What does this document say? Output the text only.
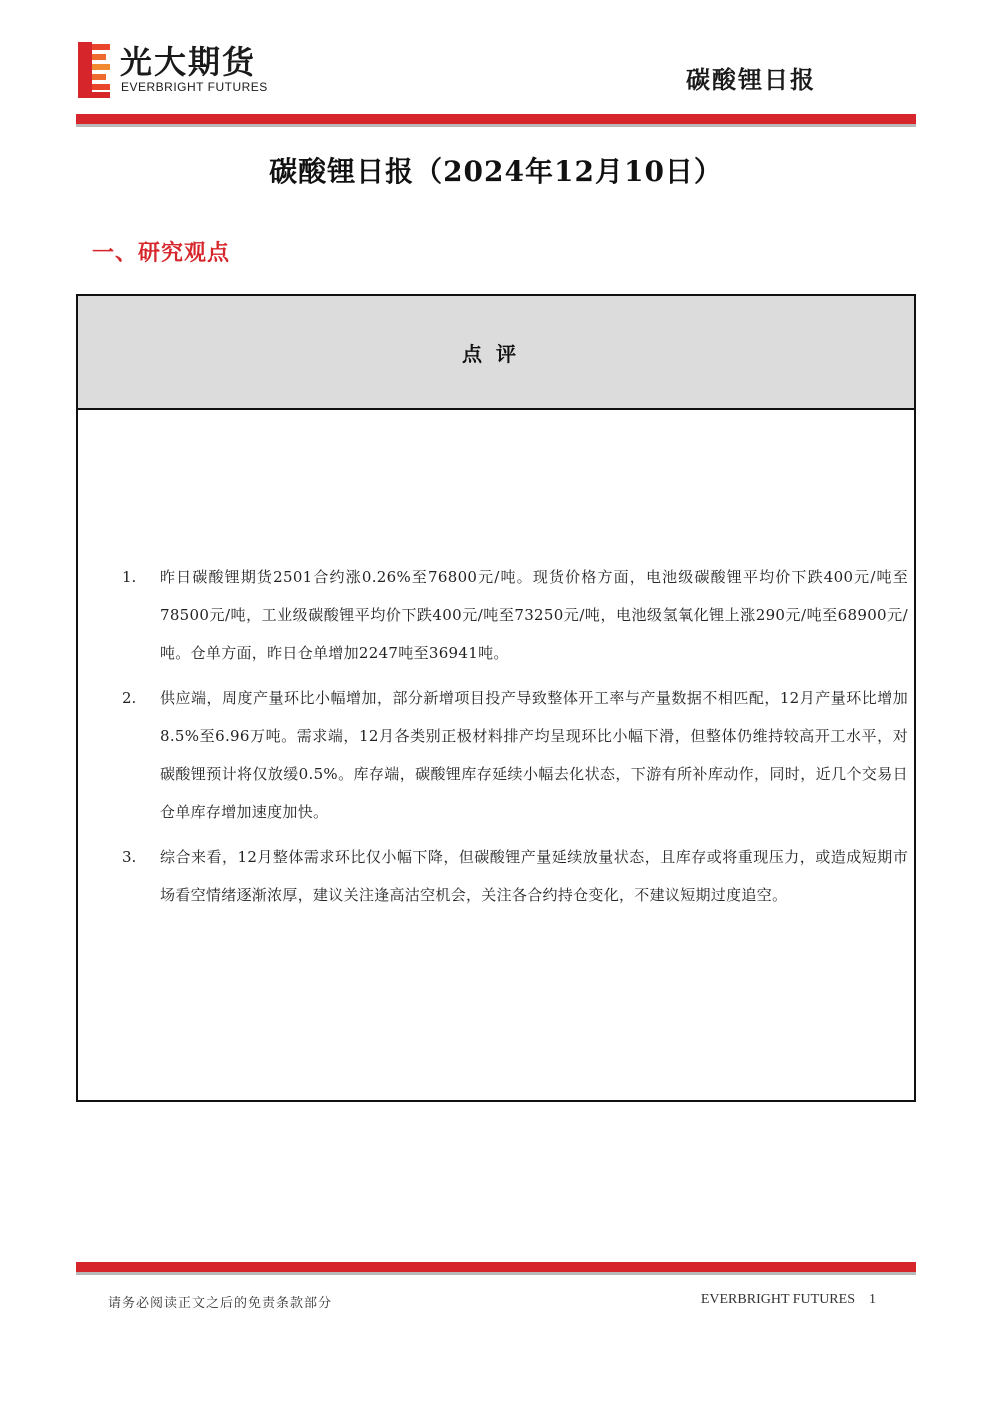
光大期货
EVERBRIGHT FUTURES	碳酸锂日报
碳酸锂日报（2024年12月10日）
一、研究观点
点评
1. 昨日碳酸锂期货2501合约涨0.26%至76800元/吨。现货价格方面，电池级碳酸锂平均价下跌400元/吨至78500元/吨，工业级碳酸锂平均价下跌400元/吨至73250元/吨，电池级氢氧化锂上涨290元/吨至68900元/吨。仓单方面，昨日仓单增加2247吨至36941吨。
2. 供应端，周度产量环比小幅增加，部分新增项目投产导致整体开工率与产量数据不相匹配，12月产量环比增加8.5%至6.96万吨。需求端，12月各类别正极材料排产均呈现环比小幅下滑，但整体仍维持较高开工水平，对碳酸锂预计将仅放缓0.5%。库存端，碳酸锂库存延续小幅去化状态，下游有所补库动作，同时，近几个交易日仓单库存增加速度加快。
3. 综合来看，12月整体需求环比仅小幅下降，但碳酸锂产量延续放量状态，且库存或将重现压力，或造成短期市场看空情绪逐渐浓厚，建议关注逢高沽空机会，关注各合约持仓变化，不建议短期过度追空。
请务必阅读正文之后的免责条款部分	EVERBRIGHT FUTURES 1
